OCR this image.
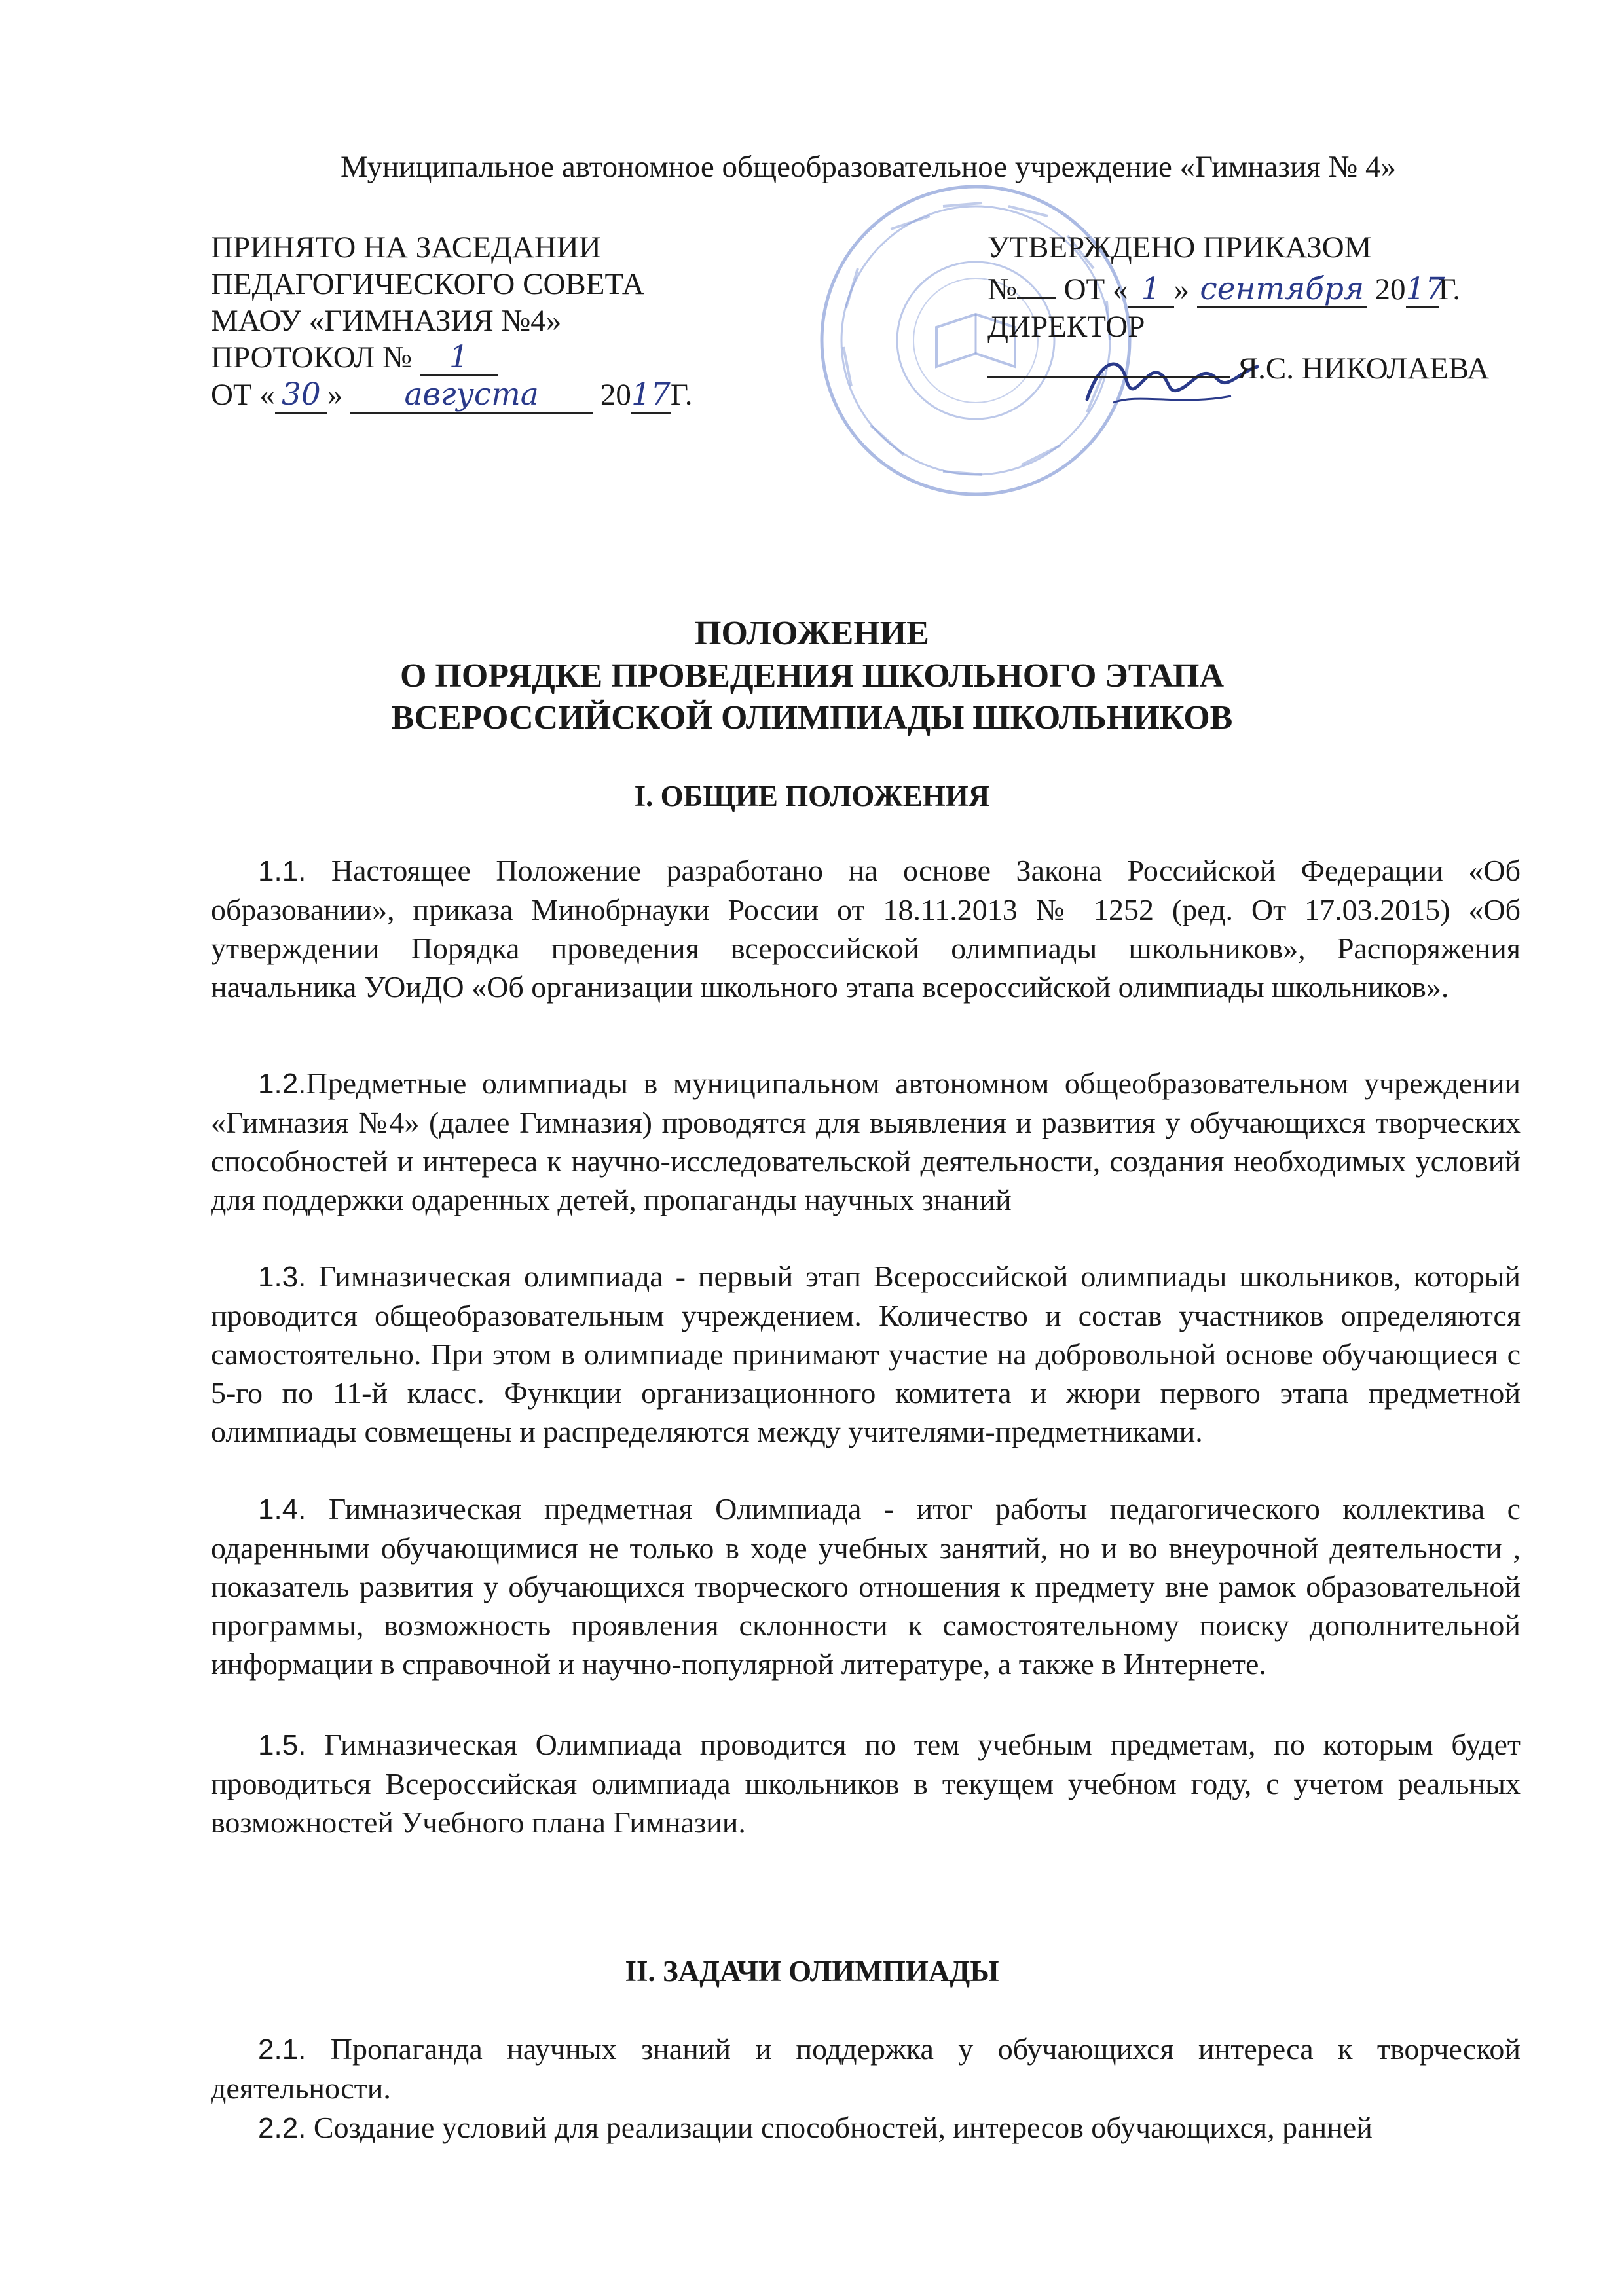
Муниципальное автономное общеобразовательное учреждение «Гимназия № 4»
ПРИНЯТО НА ЗАСЕДАНИИ
ПЕДАГОГИЧЕСКОГО СОВЕТА
МАОУ «ГИМНАЗИЯ №4»
ПРОТОКОЛ № 1
ОТ « 30 » августа 2017Г.
УТВЕРЖДЕНО ПРИКАЗОМ
№ ОТ « 1 » сентября 2017Г.
ДИРЕКТОР
Я.С. НИКОЛАЕВА
ПОЛОЖЕНИЕ
О ПОРЯДКЕ ПРОВЕДЕНИЯ ШКОЛЬНОГО ЭТАПА
ВСЕРОССИЙСКОЙ ОЛИМПИАДЫ ШКОЛЬНИКОВ
I. ОБЩИЕ ПОЛОЖЕНИЯ

1.1. Настоящее Положение разработано на основе Закона Российской Федерации «Об образовании», приказа Минобрнауки России от 18.11.2013 № 1252 (ред. От 17.03.2015) «Об утверждении Порядка проведения всероссийской олимпиады школьников», Распоряжения начальника УОиДО «Об организации школьного этапа всероссийской олимпиады школьников».

1.2.Предметные олимпиады в муниципальном автономном общеобразовательном учреждении «Гимназия №4» (далее Гимназия) проводятся для выявления и развития у обучающихся творческих способностей и интереса к научно-исследовательской деятельности, создания необходимых условий для поддержки одаренных детей, пропаганды научных знаний

1.3. Гимназическая олимпиада - первый этап Всероссийской олимпиады школьников, который проводится общеобразовательным учреждением. Количество и состав участников определяются самостоятельно. При этом в олимпиаде принимают участие на добровольной основе обучающиеся с 5-го по 11-й класс. Функции организационного комитета и жюри первого этапа предметной олимпиады совмещены и распределяются между учителями-предметниками.

1.4. Гимназическая предметная Олимпиада - итог работы педагогического коллектива с одаренными обучающимися не только в ходе учебных занятий, но и во внеурочной деятельности , показатель развития у обучающихся творческого отношения к предмету вне рамок образовательной программы, возможность проявления склонности к самостоятельному поиску дополнительной информации в справочной и научно-популярной литературе, а также в Интернете.

1.5. Гимназическая Олимпиада проводится по тем учебным предметам, по которым будет проводиться Всероссийская олимпиада школьников в текущем учебном году, с учетом реальных возможностей Учебного плана Гимназии.

II. ЗАДАЧИ ОЛИМПИАДЫ

2.1. Пропаганда научных знаний и поддержка у обучающихся интереса к творческой деятельности.

2.2. Создание условий для реализации способностей, интересов обучающихся, ранней
